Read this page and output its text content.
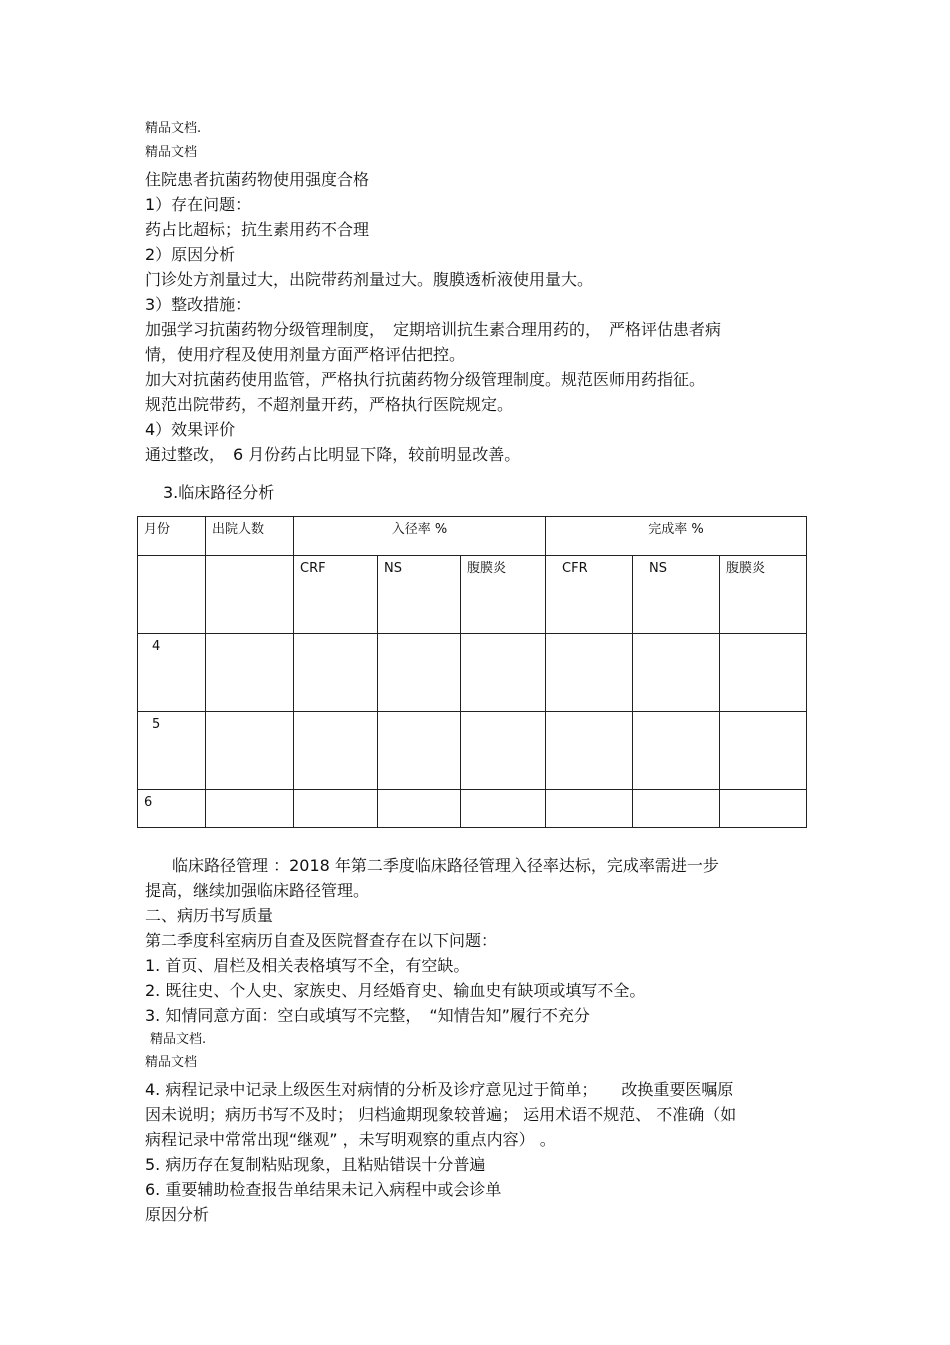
精品文档.
精品文档
住院患者抗菌药物使用强度合格
1）存在问题：
药占比超标；抗生素用药不合理
2）原因分析
门诊处方剂量过大，出院带药剂量过大。腹膜透析液使用量大。
3）整改措施：
加强学习抗菌药物分级管理制度，　定期培训抗生素合理用药的，　严格评估患者病
情，使用疗程及使用剂量方面严格评估把控。
加大对抗菌药使用监管，严格执行抗菌药物分级管理制度。规范医师用药指征。
规范出院带药，不超剂量开药，严格执行医院规定。
4）效果评价
通过整改，　6 月份药占比明显下降，较前明显改善。
3.临床路径分析
月份	出院人数	入径率 %			完成率 %		
		CRF	NS	腹膜炎	CFR	NS	腹膜炎
4							
5							
6							
临床路径管理 ：2018 年第二季度临床路径管理入径率达标，完成率需进一步
提高，继续加强临床路径管理。
二、病历书写质量
第二季度科室病历自查及医院督查存在以下问题：
1. 首页、眉栏及相关表格填写不全，有空缺。
2. 既往史、个人史、家族史、月经婚育史、输血史有缺项或填写不全。
3. 知情同意方面：空白或填写不完整，　“知情告知”履行不充分
精品文档.
精品文档
4. 病程记录中记录上级医生对病情的分析及诊疗意见过于简单；　　改换重要医嘱原
因未说明；病历书写不及时； 归档逾期现象较普遍； 运用术语不规范、 不准确（如
病程记录中常常出现“继观” ，未写明观察的重点内容） 。
5. 病历存在复制粘贴现象，且粘贴错误十分普遍
6. 重要辅助检查报告单结果未记入病程中或会诊单
原因分析
